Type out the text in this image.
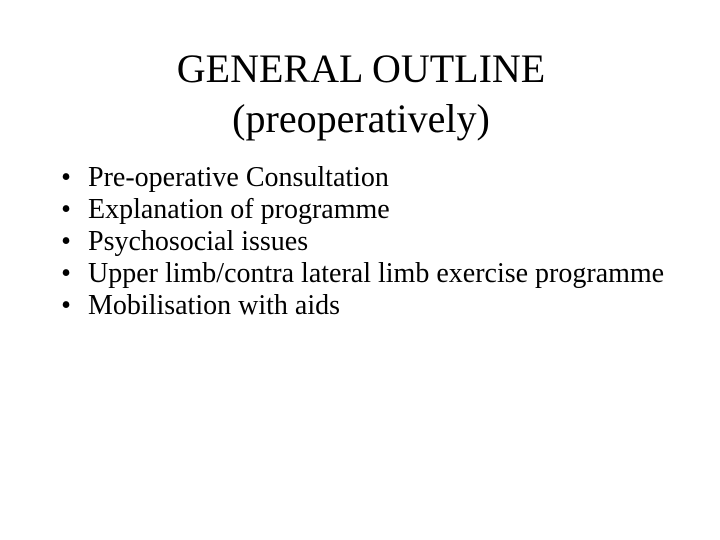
GENERAL OUTLINE
(preoperatively)
• Pre-operative Consultation
• Explanation of programme
• Psychosocial issues
• Upper limb/contra lateral limb exercise programme
• Mobilisation with aids
